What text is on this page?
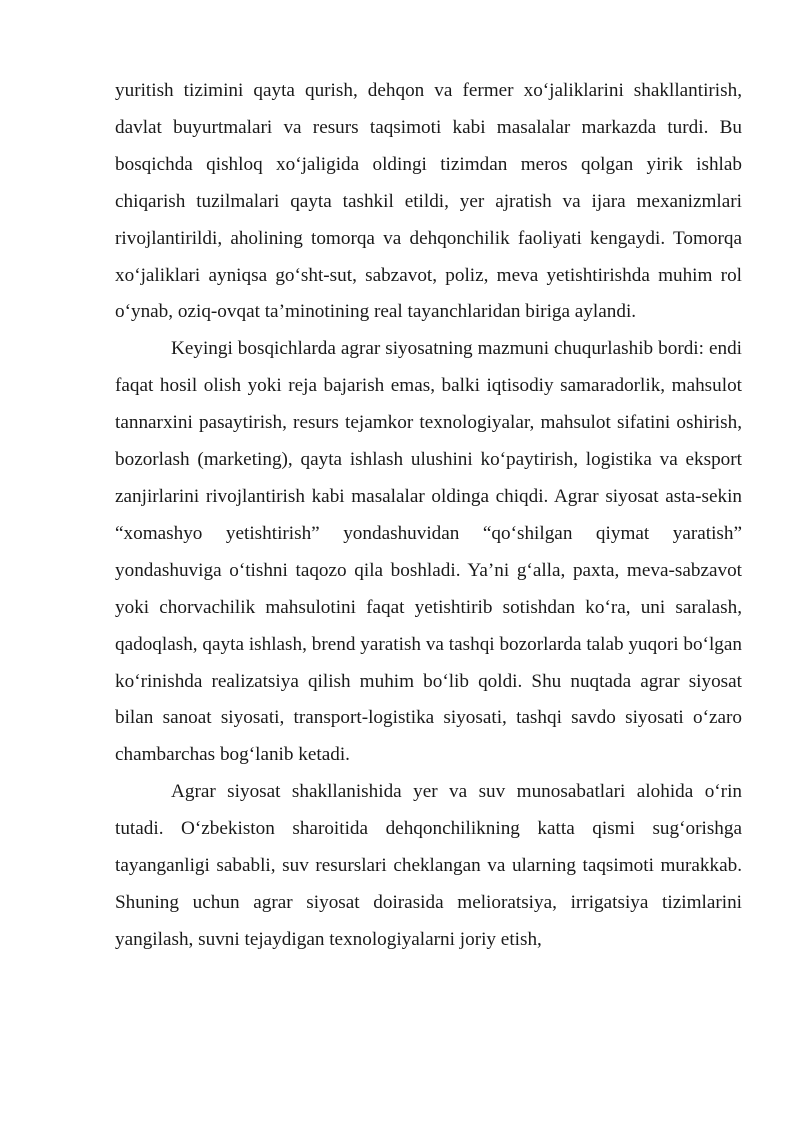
yuritish tizimini qayta qurish, dehqon va fermer xo‘jaliklarini shakllantirish, davlat buyurtmalari va resurs taqsimoti kabi masalalar markazda turdi. Bu bosqichda qishloq xo‘jaligida oldingi tizimdan meros qolgan yirik ishlab chiqarish tuzilmalari qayta tashkil etildi, yer ajratish va ijara mexanizmlari rivojlantirildi, aholining tomorqa va dehqonchilik faoliyati kengaydi. Tomorqa xo‘jaliklari ayniqsa go‘sht-sut, sabzavot, poliz, meva yetishtirishda muhim rol o‘ynab, oziq-ovqat ta’minotining real tayanchlaridan biriga aylandi.

Keyingi bosqichlarda agrar siyosatning mazmuni chuqurlashib bordi: endi faqat hosil olish yoki reja bajarish emas, balki iqtisodiy samaradorlik, mahsulot tannarxini pasaytirish, resurs tejamkor texnologiyalar, mahsulot sifatini oshirish, bozorlash (marketing), qayta ishlash ulushini ko‘paytirish, logistika va eksport zanjirlarini rivojlantirish kabi masalalar oldinga chiqdi. Agrar siyosat asta-sekin “xomashyo yetishtirish” yondashuvidan “qo‘shilgan qiymat yaratish” yondashuviga o‘tishni taqozo qila boshladi. Ya’ni g‘alla, paxta, meva-sabzavot yoki chorvachilik mahsulotini faqat yetishtirib sotishdan ko‘ra, uni saralash, qadoqlash, qayta ishlash, brend yaratish va tashqi bozorlarda talab yuqori bo‘lgan ko‘rinishda realizatsiya qilish muhim bo‘lib qoldi. Shu nuqtada agrar siyosat bilan sanoat siyosati, transport-logistika siyosati, tashqi savdo siyosati o‘zaro chambarchas bog‘lanib ketadi.

Agrar siyosat shakllanishida yer va suv munosabatlari alohida o‘rin tutadi. O‘zbekiston sharoitida dehqonchilikning katta qismi sug‘orishga tayanganligi sababli, suv resurslari cheklangan va ularning taqsimoti murakkab. Shuning uchun agrar siyosat doirasida melioratsiya, irrigatsiya tizimlarini yangilash, suvni tejaydigan texnologiyalarni joriy etish,
